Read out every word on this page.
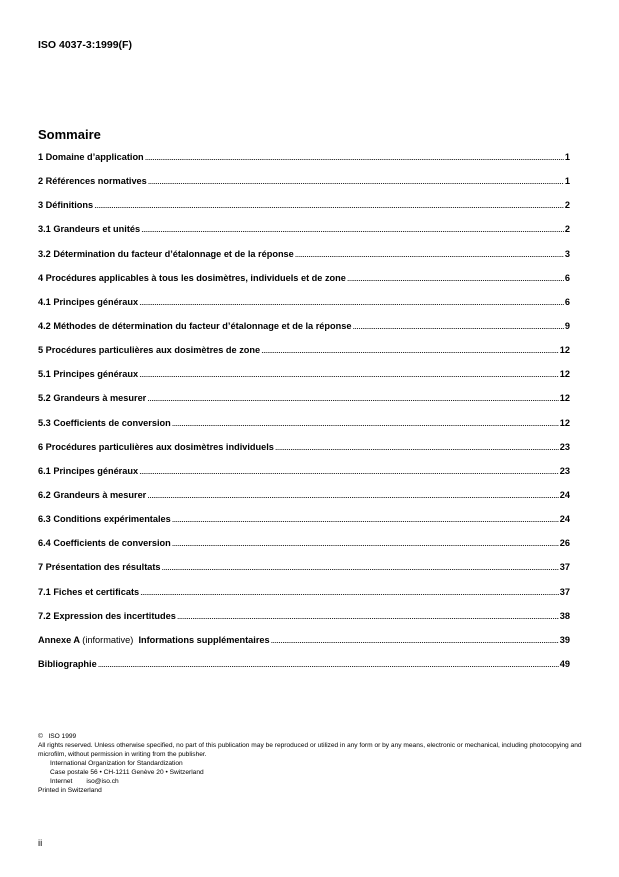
ISO 4037-3:1999(F)
Sommaire
1 Domaine d’application . . .	1
2 Références normatives . . .	1
3 Définitions . . .	2
3.1 Grandeurs et unités . . .	2
3.2 Détermination du facteur d’étalonnage et de la réponse . . .	3
4 Procédures applicables à tous les dosimètres, individuels et de zone . . .	6
4.1 Principes généraux . . .	6
4.2 Méthodes de détermination du facteur d’étalonnage et de la réponse . . .	9
5 Procédures particulières aux dosimètres de zone . . .	12
5.1 Principes généraux . . .	12
5.2 Grandeurs à mesurer . . .	12
5.3 Coefficients de conversion . . .	12
6 Procédures particulières aux dosimètres individuels . . .	23
6.1 Principes généraux . . .	23
6.2 Grandeurs à mesurer . . .	24
6.3 Conditions expérimentales . . .	24
6.4 Coefficients de conversion . . .	26
7 Présentation des résultats . . .	37
7.1 Fiches et certificats . . .	37
7.2 Expression des incertitudes . . .	38
Annexe A (informative) Informations supplémentaires . . .	39
Bibliographie . . .	49
© ISO 1999
All rights reserved. Unless otherwise specified, no part of this publication may be reproduced or utilized in any form or by any means, electronic or mechanical, including photocopying and microfilm, without permission in writing from the publisher.
International Organization for Standardization
Case postale 56 • CH-1211 Genève 20 • Switzerland
Internet iso@iso.ch
Printed in Switzerland
ii
